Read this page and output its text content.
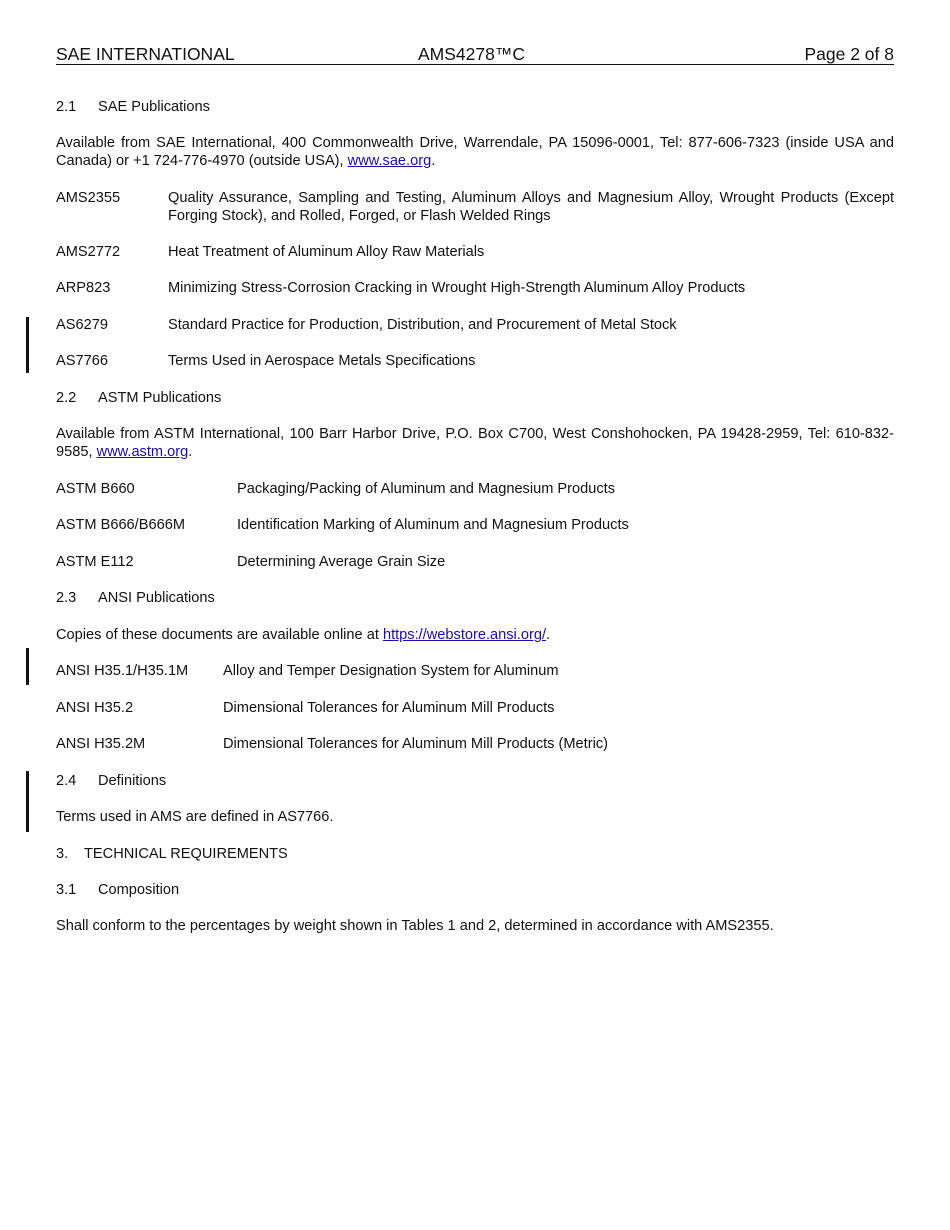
SAE INTERNATIONAL	AMS4278™C	Page 2 of 8
2.1 SAE Publications
Available from SAE International, 400 Commonwealth Drive, Warrendale, PA 15096-0001, Tel: 877-606-7323 (inside USA and Canada) or +1 724-776-4970 (outside USA), www.sae.org.
AMS2355	Quality Assurance, Sampling and Testing, Aluminum Alloys and Magnesium Alloy, Wrought Products (Except Forging Stock), and Rolled, Forged, or Flash Welded Rings
AMS2772	Heat Treatment of Aluminum Alloy Raw Materials
ARP823	Minimizing Stress-Corrosion Cracking in Wrought High-Strength Aluminum Alloy Products
AS6279	Standard Practice for Production, Distribution, and Procurement of Metal Stock
AS7766	Terms Used in Aerospace Metals Specifications
2.2 ASTM Publications
Available from ASTM International, 100 Barr Harbor Drive, P.O. Box C700, West Conshohocken, PA 19428-2959, Tel: 610-832-9585, www.astm.org.
ASTM B660	Packaging/Packing of Aluminum and Magnesium Products
ASTM B666/B666M	Identification Marking of Aluminum and Magnesium Products
ASTM E112	Determining Average Grain Size
2.3 ANSI Publications
Copies of these documents are available online at https://webstore.ansi.org/.
ANSI H35.1/H35.1M Alloy and Temper Designation System for Aluminum
ANSI H35.2	Dimensional Tolerances for Aluminum Mill Products
ANSI H35.2M	Dimensional Tolerances for Aluminum Mill Products (Metric)
2.4 Definitions
Terms used in AMS are defined in AS7766.
3. TECHNICAL REQUIREMENTS
3.1 Composition
Shall conform to the percentages by weight shown in Tables 1 and 2, determined in accordance with AMS2355.
